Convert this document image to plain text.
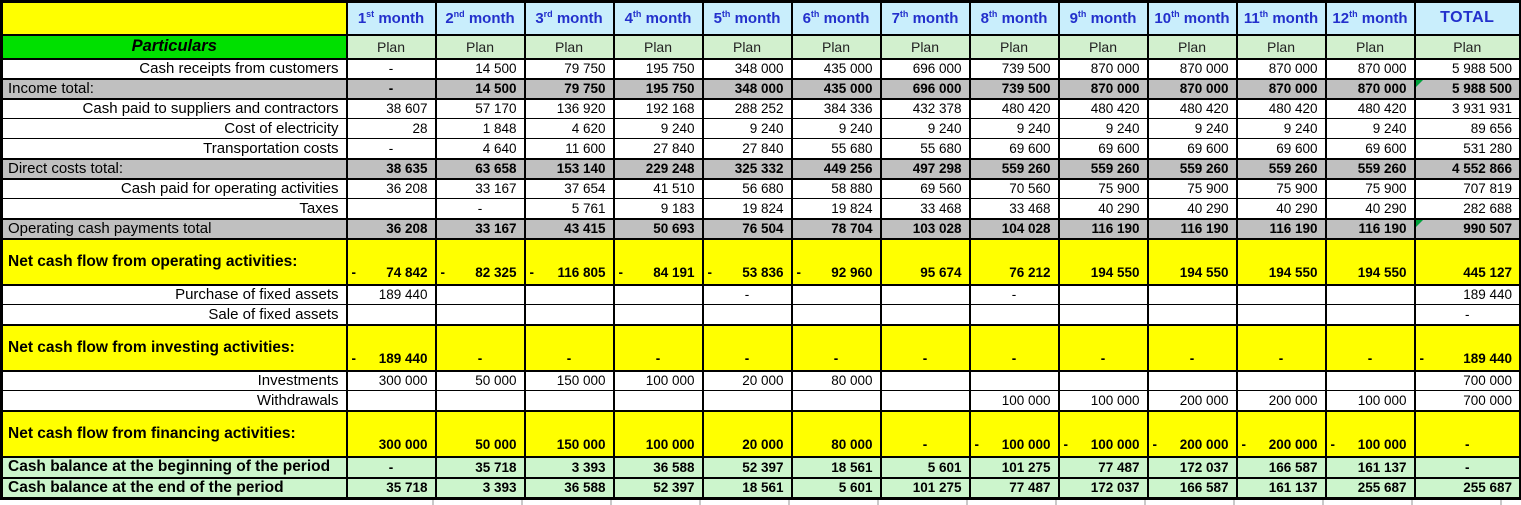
	1st month	2nd month	3rd month	4th month	5th month	6th month	7th month	8th month	9th month	10th month	11th month	12th month	TOTAL
Particulars	Plan	Plan	Plan	Plan	Plan	Plan	Plan	Plan	Plan	Plan	Plan	Plan	Plan
Cash receipts from customers	-	14 500	79 750	195 750	348 000	435 000	696 000	739 500	870 000	870 000	870 000	870 000	5 988 500
Income total:	-	14 500	79 750	195 750	348 000	435 000	696 000	739 500	870 000	870 000	870 000	870 000	5 988 500

Cash paid to suppliers and contractors	38 607	57 170	136 920	192 168	288 252	384 336	432 378	480 420	480 420	480 420	480 420	480 420	3 931 931
Cost of electricity	28	1 848	4 620	9 240	9 240	9 240	9 240	9 240	9 240	9 240	9 240	9 240	89 656
Transportation costs	-	4 640	11 600	27 840	27 840	55 680	55 680	69 600	69 600	69 600	69 600	69 600	531 280
Direct costs total:	38 635	63 658	153 140	229 248	325 332	449 256	497 298	559 260	559 260	559 260	559 260	559 260	4 552 866
Cash paid for operating activities	36 208	33 167	37 654	41 510	56 680	58 880	69 560	70 560	75 900	75 900	75 900	75 900	707 819
Taxes		-	5 761	9 183	19 824	19 824	33 468	33 468	40 290	40 290	40 290	40 290	282 688
Operating cash payments total	36 208	33 167	43 415	50 693	76 504	78 704	103 028	104 028	116 190	116 190	116 190	116 190	990 507

Net cash flow from operating activities:	- 74 842	- 82 325	- 116 805	- 84 191	- 53 836	- 92 960	95 674	76 212	194 550	194 550	194 550	194 550	445 127
Purchase of fixed assets	189 440				-			-					189 440
Sale of fixed assets													-
Net cash flow from investing activities:	- 189 440	-	-	-	-	-	-	-	-	-	-	-	- 189 440

Investments	300 000	50 000	150 000	100 000	20 000	80 000							700 000
Withdrawals								100 000	100 000	200 000	200 000	100 000	700 000
Net cash flow from financing activities:	300 000	50 000	150 000	100 000	20 000	80 000	-	- 100 000	- 100 000	- 200 000	- 200 000	- 100 000	-
Cash balance at the beginning of the period	-	35 718	3 393	36 588	52 397	18 561	5 601	101 275	77 487	172 037	166 587	161 137	-
Cash balance at the end of the period	35 718	3 393	36 588	52 397	18 561	5 601	101 275	77 487	172 037	166 587	161 137	255 687	255 687
